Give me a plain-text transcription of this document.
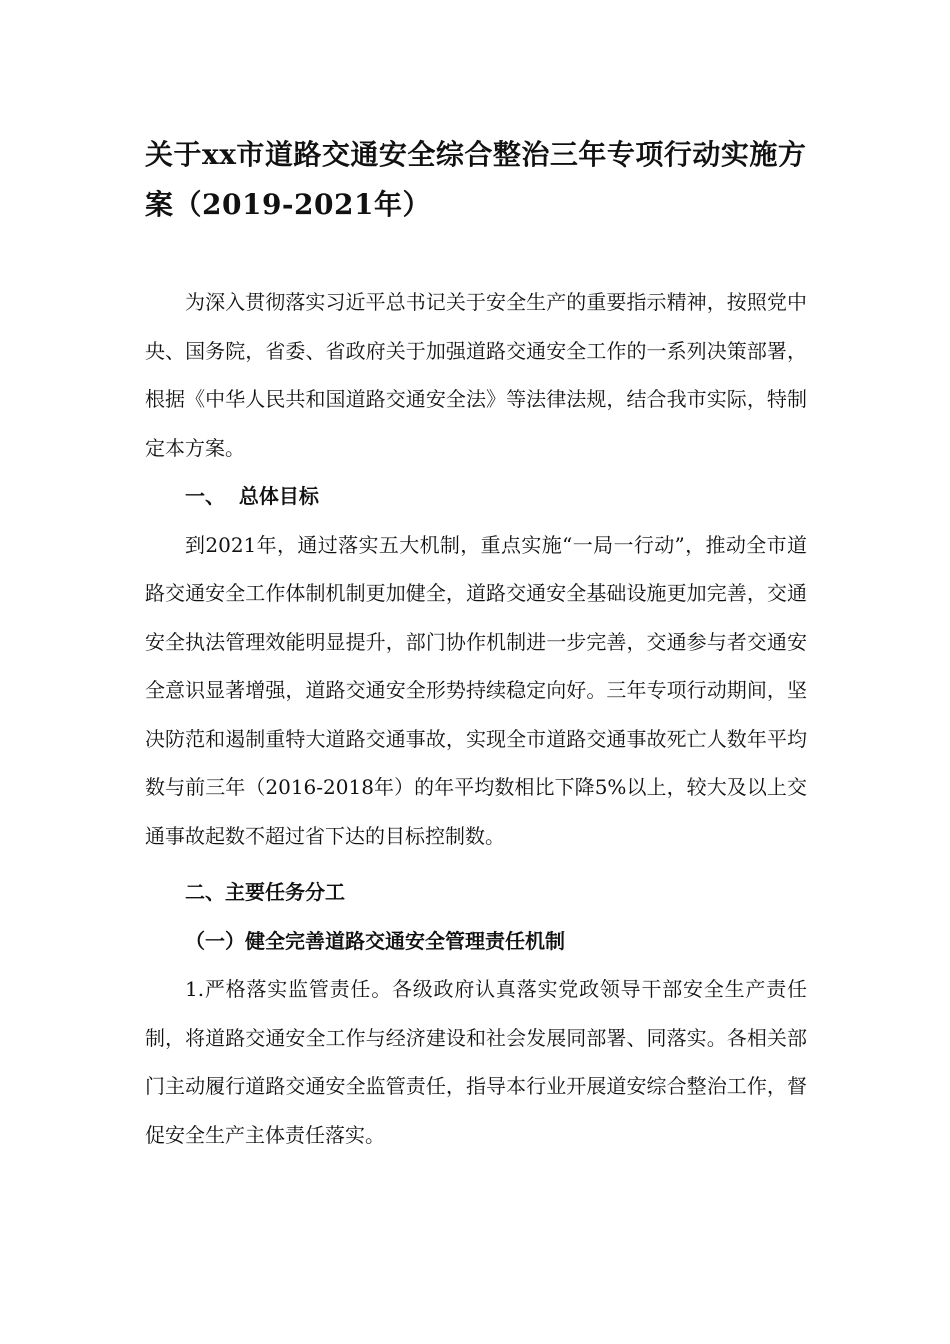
关于xx市道路交通安全综合整治三年专项行动实施方案（2019-2021年）

为深入贯彻落实习近平总书记关于安全生产的重要指示精神，按照党中央、国务院，省委、省政府关于加强道路交通安全工作的一系列决策部署，根据《中华人民共和国道路交通安全法》等法律法规，结合我市实际，特制定本方案。

一、  总体目标

到2021年，通过落实五大机制，重点实施“一局一行动”，推动全市道路交通安全工作体制机制更加健全，道路交通安全基础设施更加完善，交通安全执法管理效能明显提升，部门协作机制进一步完善，交通参与者交通安全意识显著增强，道路交通安全形势持续稳定向好。三年专项行动期间，坚决防范和遏制重特大道路交通事故，实现全市道路交通事故死亡人数年平均数与前三年（2016-2018年）的年平均数相比下降5%以上，较大及以上交通事故起数不超过省下达的目标控制数。

二、主要任务分工

（一）健全完善道路交通安全管理责任机制

1.严格落实监管责任。各级政府认真落实党政领导干部安全生产责任制，将道路交通安全工作与经济建设和社会发展同部署、同落实。各相关部门主动履行道路交通安全监管责任，指导本行业开展道安综合整治工作，督促安全生产主体责任落实。
